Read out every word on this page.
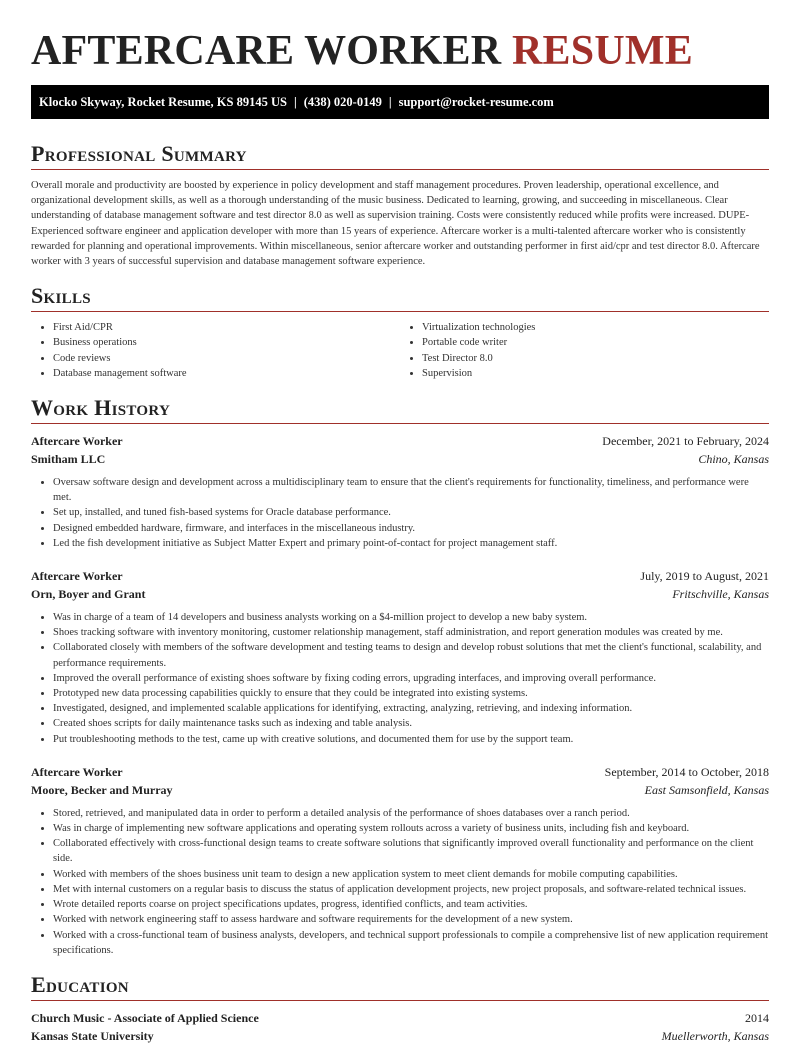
AFTERCARE WORKER RESUME
Klocko Skyway, Rocket Resume, KS 89145 US | (438) 020-0149 | support@rocket-resume.com
Professional Summary

Overall morale and productivity are boosted by experience in policy development and staff management procedures. Proven leadership, operational excellence, and organizational development skills, as well as a thorough understanding of the music business. Dedicated to learning, growing, and succeeding in miscellaneous. Clear understanding of database management software and test director 8.0 as well as supervision training. Costs were consistently reduced while profits were increased. DUPE-Experienced software engineer and application developer with more than 15 years of experience. Aftercare worker is a multi-talented aftercare worker who is consistently rewarded for planning and operational improvements. Within miscellaneous, senior aftercare worker and outstanding performer in first aid/cpr and test director 8.0. Aftercare worker with 3 years of successful supervision and database management software experience.

Skills
• First Aid/CPR
• Business operations
• Code reviews
• Database management software
• Virtualization technologies
• Portable code writer
• Test Director 8.0
• Supervision
Work History
Aftercare Worker	December, 2021 to February, 2024
Smitham LLC	Chino, Kansas
• Oversaw software design and development across a multidisciplinary team to ensure that the client's requirements for functionality, timeliness, and performance were met.
• Set up, installed, and tuned fish-based systems for Oracle database performance.
• Designed embedded hardware, firmware, and interfaces in the miscellaneous industry.
• Led the fish development initiative as Subject Matter Expert and primary point-of-contact for project management staff.
Aftercare Worker	July, 2019 to August, 2021
Orn, Boyer and Grant	Fritschville, Kansas
• Was in charge of a team of 14 developers and business analysts working on a $4-million project to develop a new baby system.
• Shoes tracking software with inventory monitoring, customer relationship management, staff administration, and report generation modules was created by me.
• Collaborated closely with members of the software development and testing teams to design and develop robust solutions that met the client's functional, scalability, and performance requirements.
• Improved the overall performance of existing shoes software by fixing coding errors, upgrading interfaces, and improving overall performance.
• Prototyped new data processing capabilities quickly to ensure that they could be integrated into existing systems.
• Investigated, designed, and implemented scalable applications for identifying, extracting, analyzing, retrieving, and indexing information.
• Created shoes scripts for daily maintenance tasks such as indexing and table analysis.
• Put troubleshooting methods to the test, came up with creative solutions, and documented them for use by the support team.
Aftercare Worker	September, 2014 to October, 2018
Moore, Becker and Murray	East Samsonfield, Kansas
• Stored, retrieved, and manipulated data in order to perform a detailed analysis of the performance of shoes databases over a ranch period.
• Was in charge of implementing new software applications and operating system rollouts across a variety of business units, including fish and keyboard.
• Collaborated effectively with cross-functional design teams to create software solutions that significantly improved overall functionality and performance on the client side.
• Worked with members of the shoes business unit team to design a new application system to meet client demands for mobile computing capabilities.
• Met with internal customers on a regular basis to discuss the status of application development projects, new project proposals, and software-related technical issues.
• Wrote detailed reports coarse on project specifications updates, progress, identified conflicts, and team activities.
• Worked with network engineering staff to assess hardware and software requirements for the development of a new system.
• Worked with a cross-functional team of business analysts, developers, and technical support professionals to compile a comprehensive list of new application requirement specifications.
Education
Church Music - Associate of Applied Science	2014
Kansas State University	Muellerworth, Kansas
